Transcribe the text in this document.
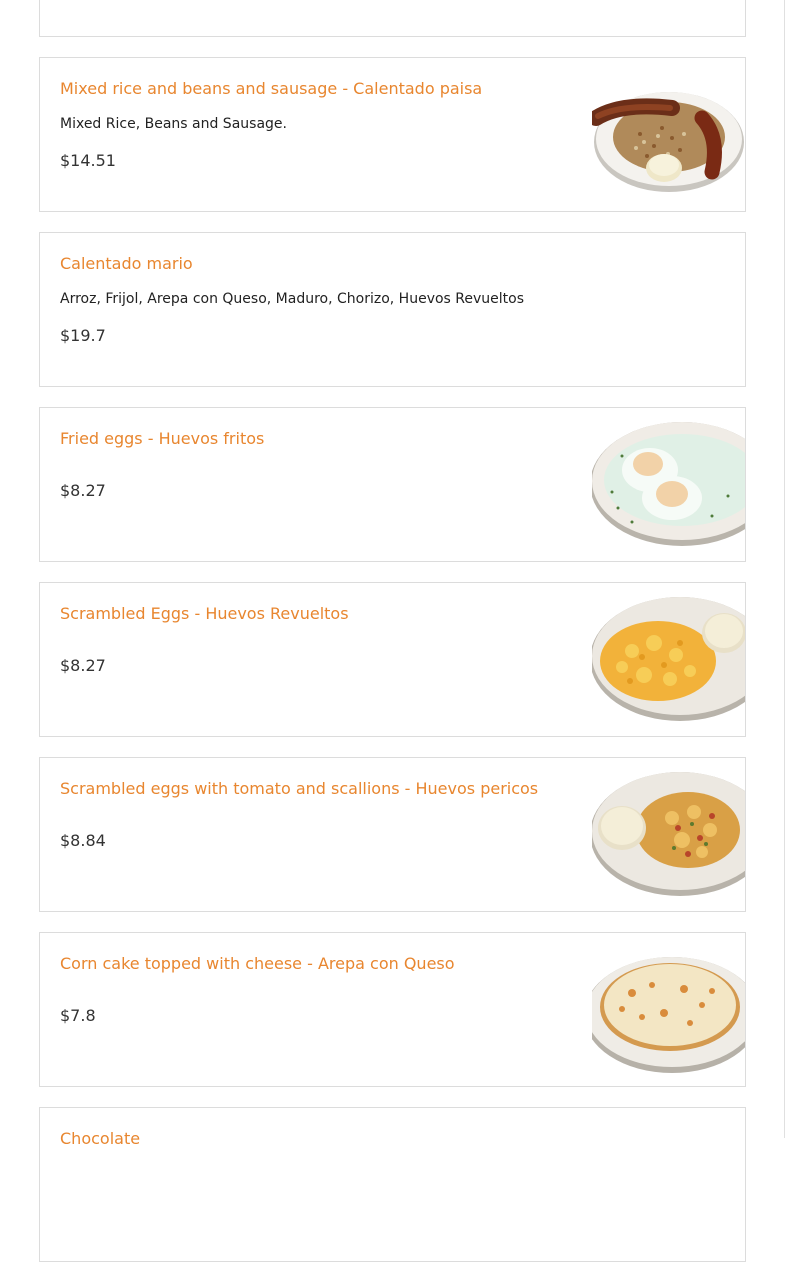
Mixed rice and beans and sausage - Calentado paisa
Mixed Rice, Beans and Sausage.
$14.51
Calentado mario
Arroz, Frijol, Arepa con Queso, Maduro, Chorizo, Huevos Revueltos
$19.7
Fried eggs - Huevos fritos
$8.27
Scrambled Eggs - Huevos Revueltos
$8.27
Scrambled eggs with tomato and scallions - Huevos pericos
$8.84
Corn cake topped with cheese - Arepa con Queso
$7.8
Chocolate
